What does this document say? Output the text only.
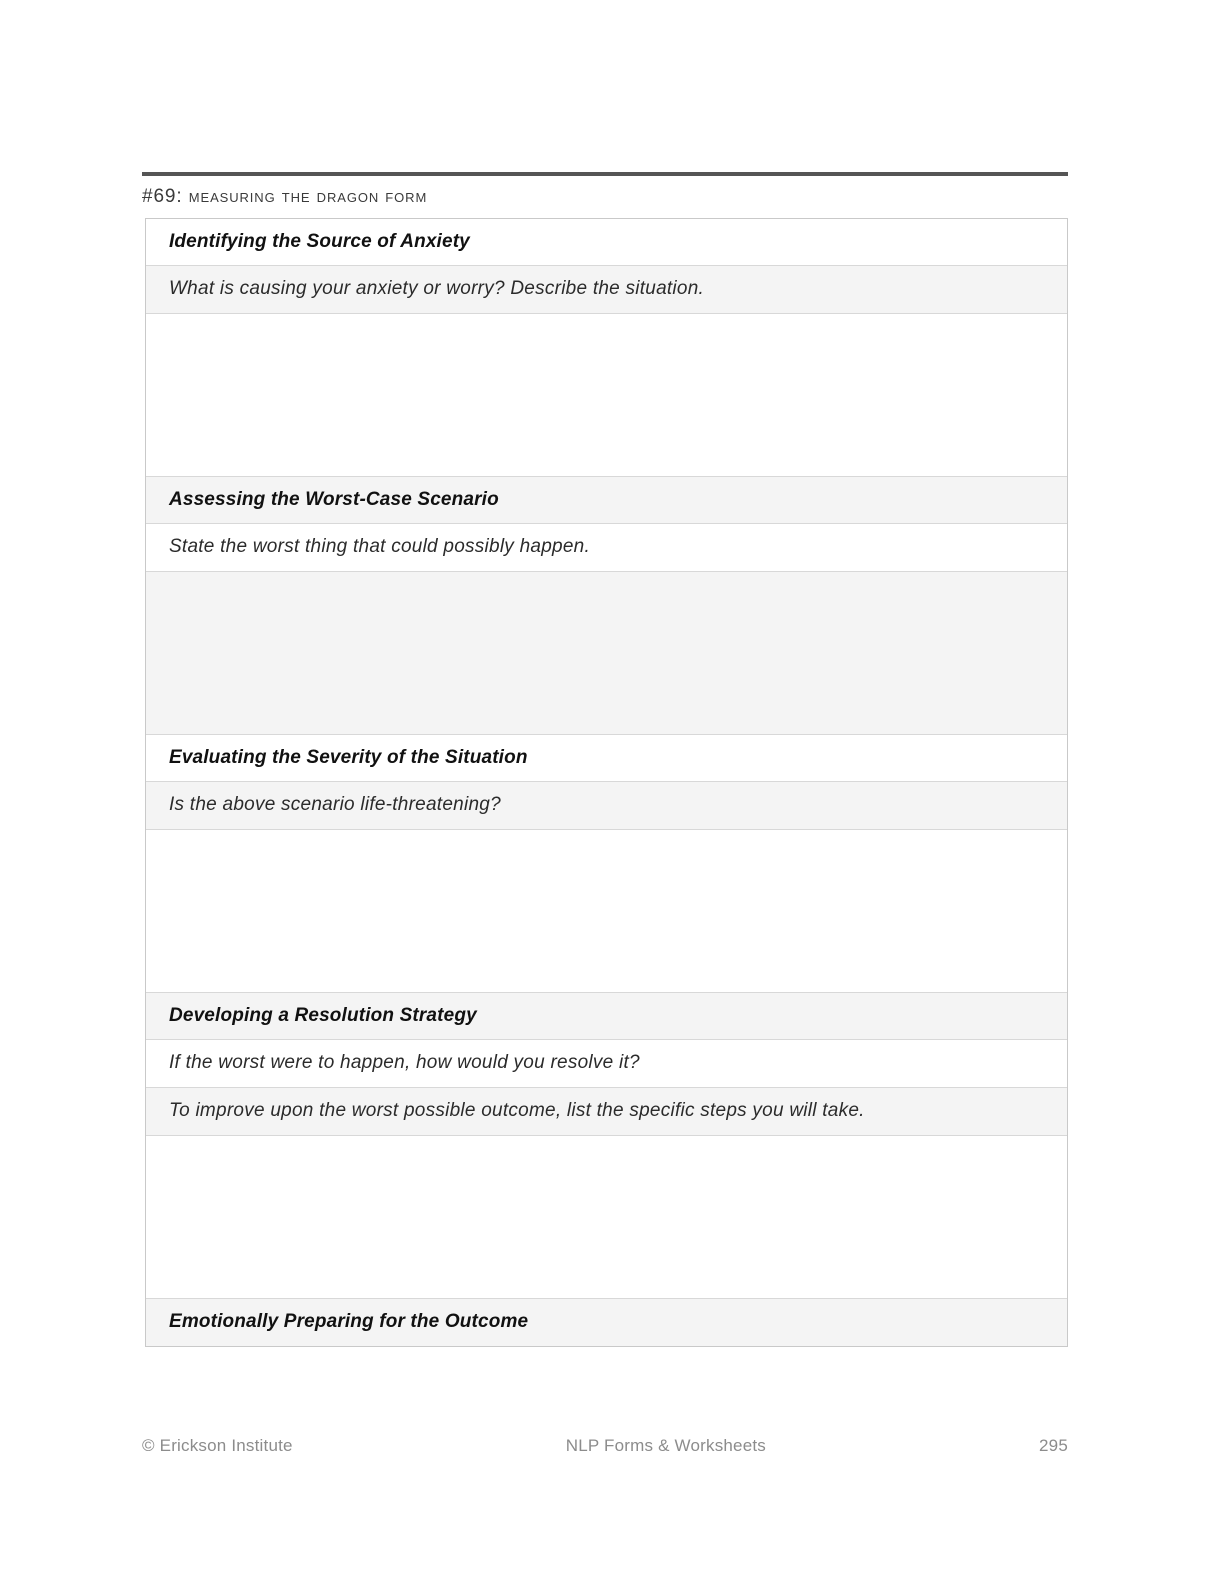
#69: measuring the dragon form
Identifying the Source of Anxiety
What is causing your anxiety or worry? Describe the situation.
Assessing the Worst-Case Scenario
State the worst thing that could possibly happen.
Evaluating the Severity of the Situation
Is the above scenario life-threatening?
Developing a Resolution Strategy
If the worst were to happen, how would you resolve it?
To improve upon the worst possible outcome, list the specific steps you will take.
Emotionally Preparing for the Outcome
© Erickson Institute	NLP Forms & Worksheets	295
